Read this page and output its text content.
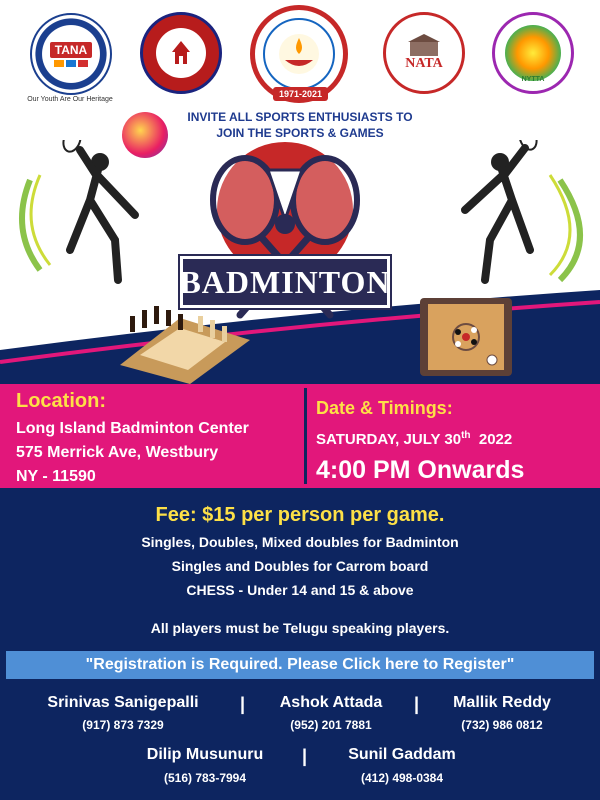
TANA
Our Youth Are Our Heritage
1971-2021
NATA
NYTTA
INVITE ALL SPORTS ENTHUSIASTS TO
JOIN THE SPORTS & GAMES
BADMINTON
Location:
Long Island Badminton Center
575 Merrick Ave, Westbury
NY - 11590
Date & Timings:
SATURDAY, JULY 30th 2022
4:00 PM Onwards
Fee: $15 per person per game.
Singles, Doubles, Mixed doubles for Badminton
Singles and Doubles for Carrom board
CHESS - Under 14 and 15 & above
All players must be Telugu speaking players.
"Registration is Required. Please Click here to Register"
Srinivas Sanigepalli
(917) 873 7329
|	Ashok Attada
(952) 201 7881
|	Mallik Reddy
(732) 986 0812
Dilip Musunuru
(516) 783-7994
|	Sunil Gaddam
(412) 498-0384
